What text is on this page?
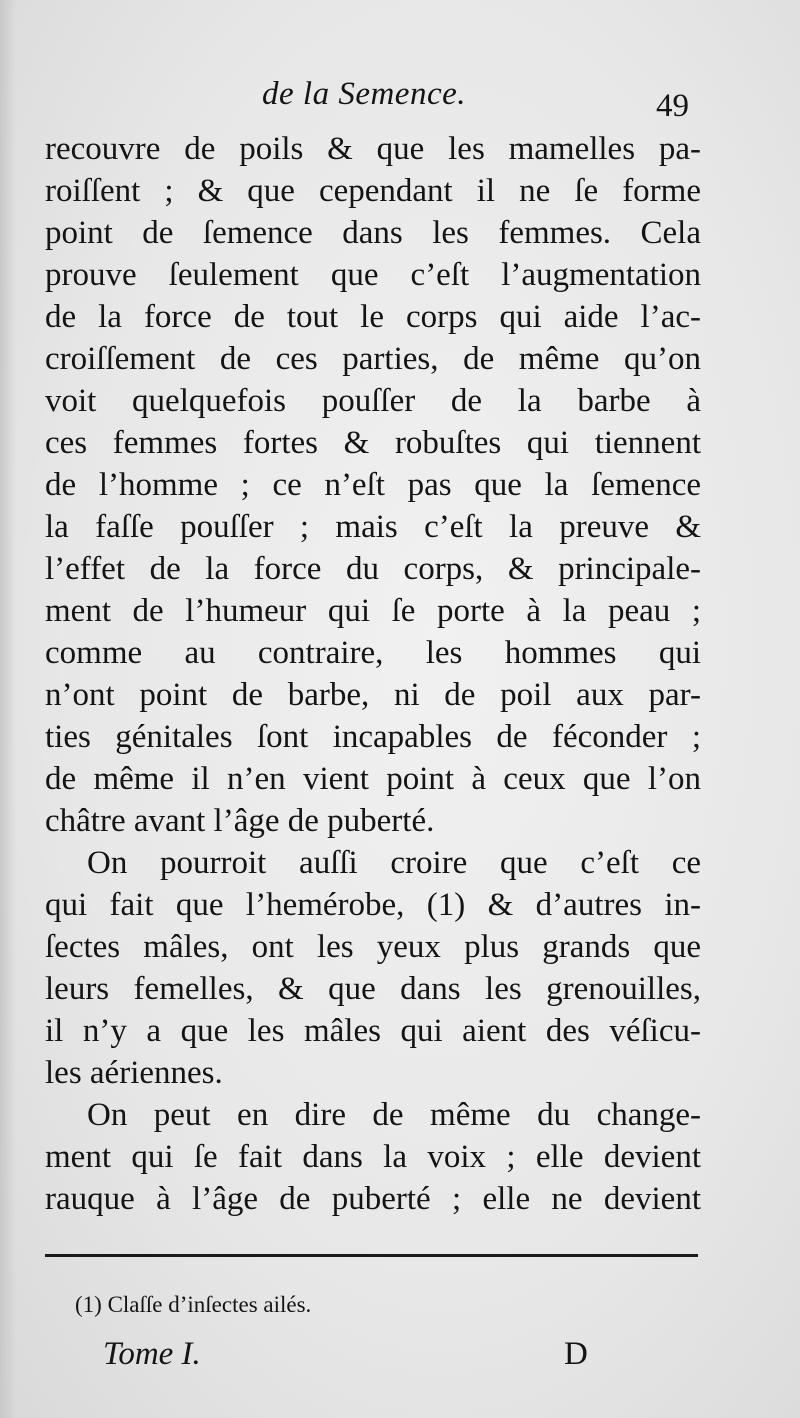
de la Semence.	49
recouvre de poils & que les mamelles pa-
roiſſent ; & que cependant il ne ſe forme
point de ſemence dans les femmes. Cela
prouve ſeulement que c’eſt l’augmentation
de la force de tout le corps qui aide l’ac-
croiſſement de ces parties, de même qu’on
voit quelquefois pouſſer de la barbe à
ces femmes fortes & robuſtes qui tiennent
de l’homme ; ce n’eſt pas que la ſemence
la faſſe pouſſer ; mais c’eſt la preuve &
l’effet de la force du corps, & principale-
ment de l’humeur qui ſe porte à la peau ;
comme au contraire, les hommes qui
n’ont point de barbe, ni de poil aux par-
ties génitales ſont incapables de féconder ;
de même il n’en vient point à ceux que l’on
châtre avant l’âge de puberté.
On pourroit auſſi croire que c’eſt ce
qui fait que l’hemérobe, (1) & d’autres in-
ſectes mâles, ont les yeux plus grands que
leurs femelles, & que dans les grenouilles,
il n’y a que les mâles qui aient des véſicu-
les aériennes.
On peut en dire de même du change-
ment qui ſe fait dans la voix ; elle devient
rauque à l’âge de puberté ; elle ne devient
(1) Claſſe d’inſectes ailés.
Tome I.	D
